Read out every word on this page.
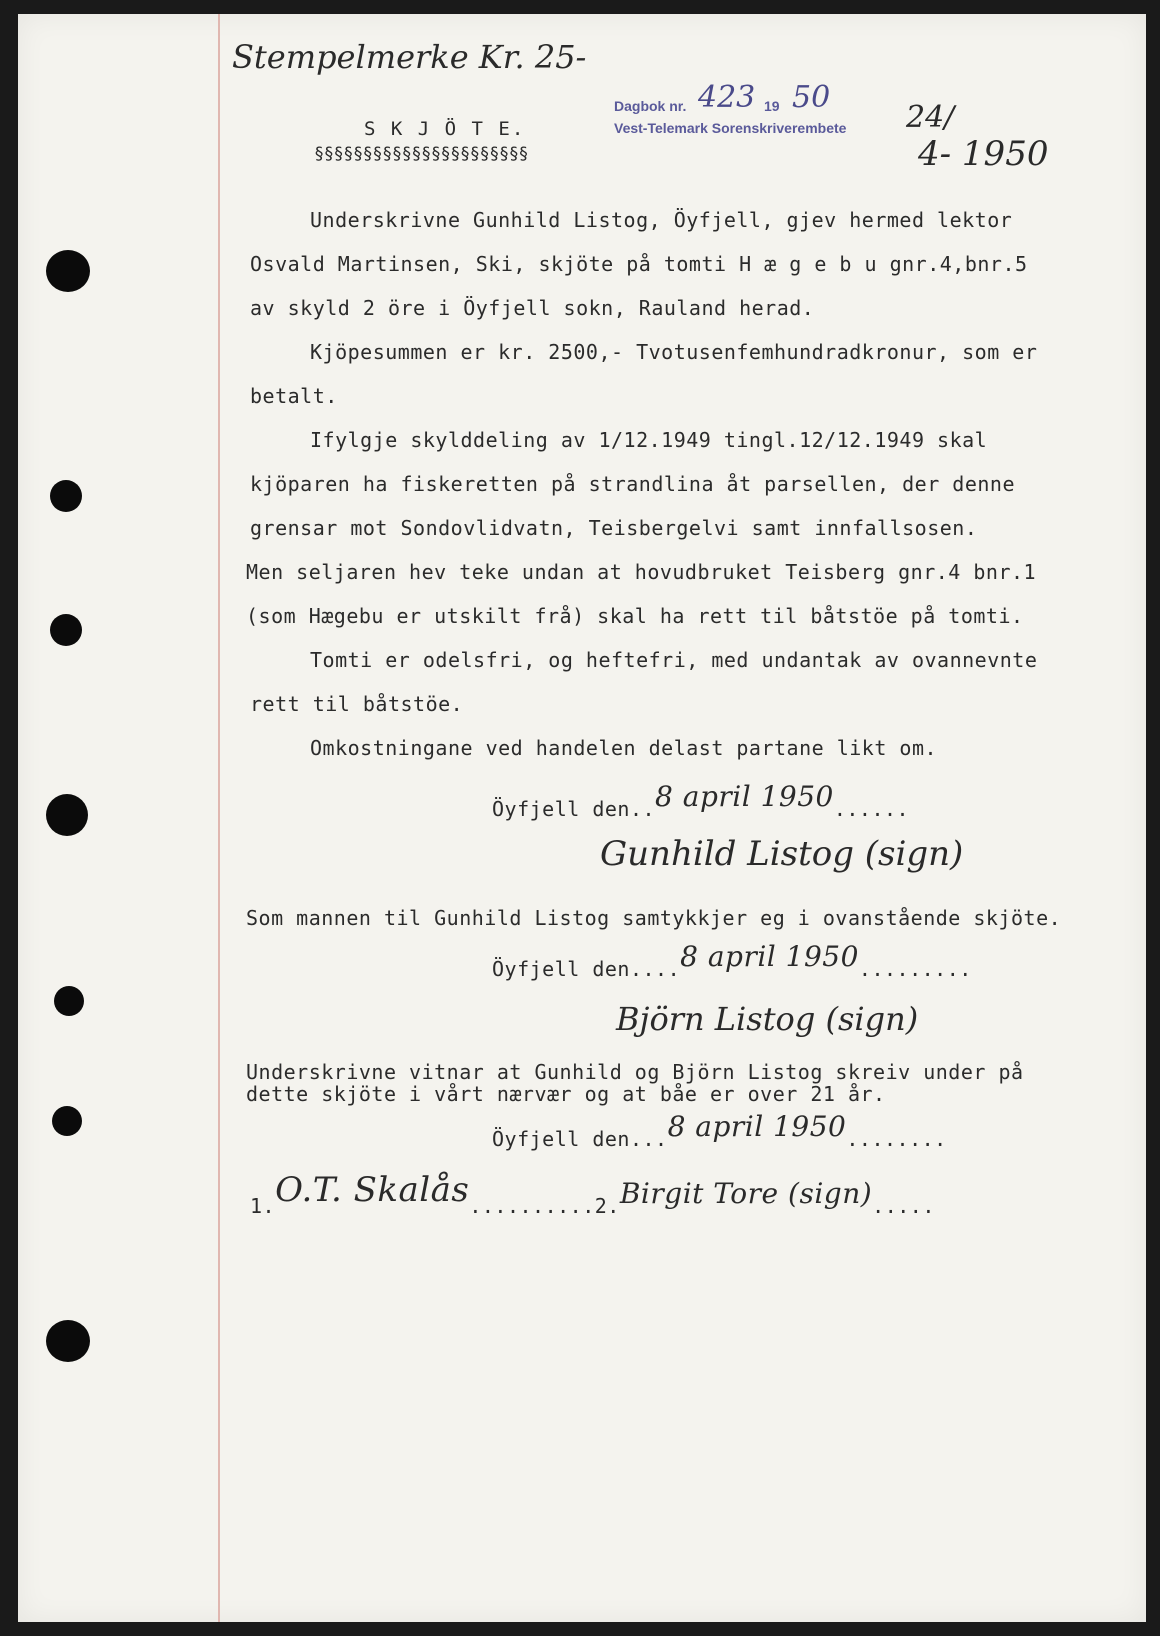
Stempelmerke Kr. 25-
Dagbok nr. 423 19 50
Vest-Telemark Sorenskriverembete 24/
4- 1950
S K J Ö T E.
§§§§§§§§§§§§§§§§§§§§§§
Underskrivne Gunhild Listog, Öyfjell, gjev hermed lektor
Osvald Martinsen, Ski, skjöte på tomti H æ g e b u gnr.4,bnr.5
av skyld 2 öre i Öyfjell sokn, Rauland herad.
Kjöpesummen er kr. 2500,- Tvotusenfemhundradkronur, som er
betalt.
Ifylgje skylddeling av 1/12.1949 tingl.12/12.1949 skal
kjöparen ha fiskeretten på strandlina åt parsellen, der denne
grensar mot Sondovlidvatn, Teisbergelvi samt innfallsosen.
Men seljaren hev teke undan at hovudbruket Teisberg gnr.4 bnr.1
(som Hægebu er utskilt frå) skal ha rett til båtstöe på tomti.
Tomti er odelsfri, og heftefri, med undantak av ovannevnte
rett til båtstöe.
Omkostningane ved handelen delast partane likt om.
Öyfjell den..8 april 1950......
Gunhild Listog (sign)
Som mannen til Gunhild Listog samtykkjer eg i ovanstående skjöte.
Öyfjell den....8 april 1950.........
Björn Listog (sign)
Underskrivne vitnar at Gunhild og Björn Listog skreiv under på
dette skjöte i vårt nærvær og at båe er over 21 år.
Öyfjell den...8 april 1950........
1.O.T. Skalås..........2.Birgit Tore (sign).....
